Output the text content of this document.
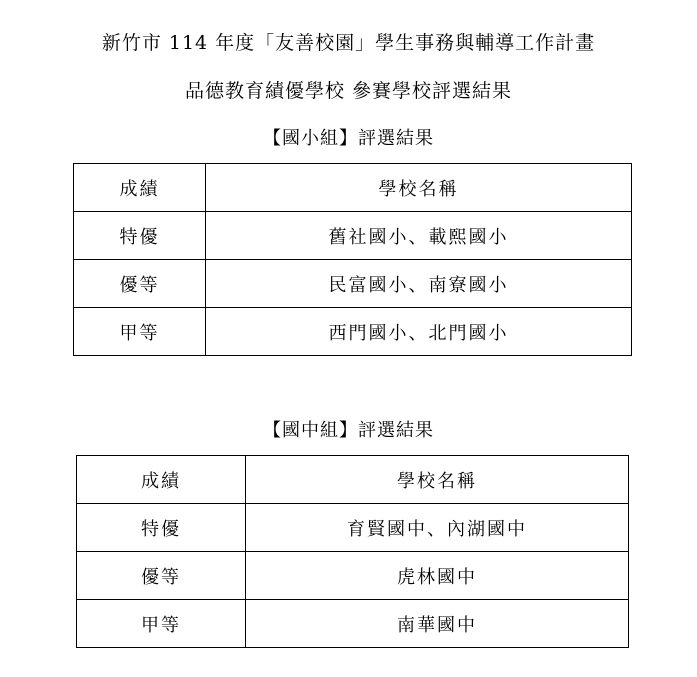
新竹市 114 年度「友善校園」學生事務與輔導工作計畫
品德教育績優學校 參賽學校評選結果
【國小組】評選結果
成績	學校名稱
特優	舊社國小、載熙國小
優等	民富國小、南寮國小
甲等	西門國小、北門國小
【國中組】評選結果
成績	學校名稱
特優	育賢國中、內湖國中
優等	虎林國中
甲等	南華國中
